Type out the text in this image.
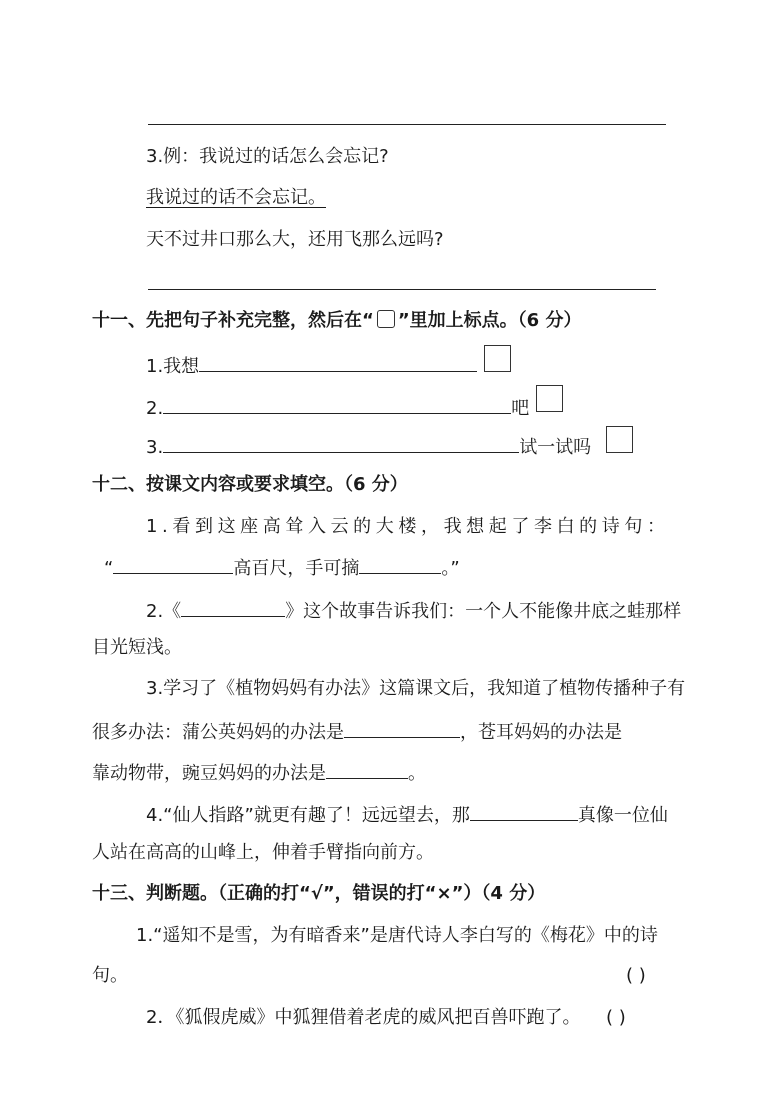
3.例：我说过的话怎么会忘记?
我说过的话不会忘记。
天不过井口那么大，还用飞那么远吗?
十一、先把句子补充完整，然后在“ ”里加上标点。（6 分）
1.我想
2.	吧
3.	试一试吗
十二、按课文内容或要求填空。（6 分）
1.看到这座高耸入云的大楼，我想起了李白的诗句：
“	高百尺，手可摘	。”
2.《	》这个故事告诉我们：一个人不能像井底之蛙那样
目光短浅。
3.学习了《植物妈妈有办法》这篇课文后，我知道了植物传播种子有
很多办法：蒲公英妈妈的办法是	，苍耳妈妈的办法是
靠动物带，豌豆妈妈的办法是	。
4.“仙人指路”就更有趣了！远远望去，那	真像一位仙
人站在高高的山峰上，伸着手臂指向前方。
十三、判断题。（正确的打“√”，错误的打“×”）（4 分）
1.“遥知不是雪，为有暗香来”是唐代诗人李白写的《梅花》中的诗
句。	( )
2．《狐假虎威》中狐狸借着老虎的威风把百兽吓跑了。 ( )
